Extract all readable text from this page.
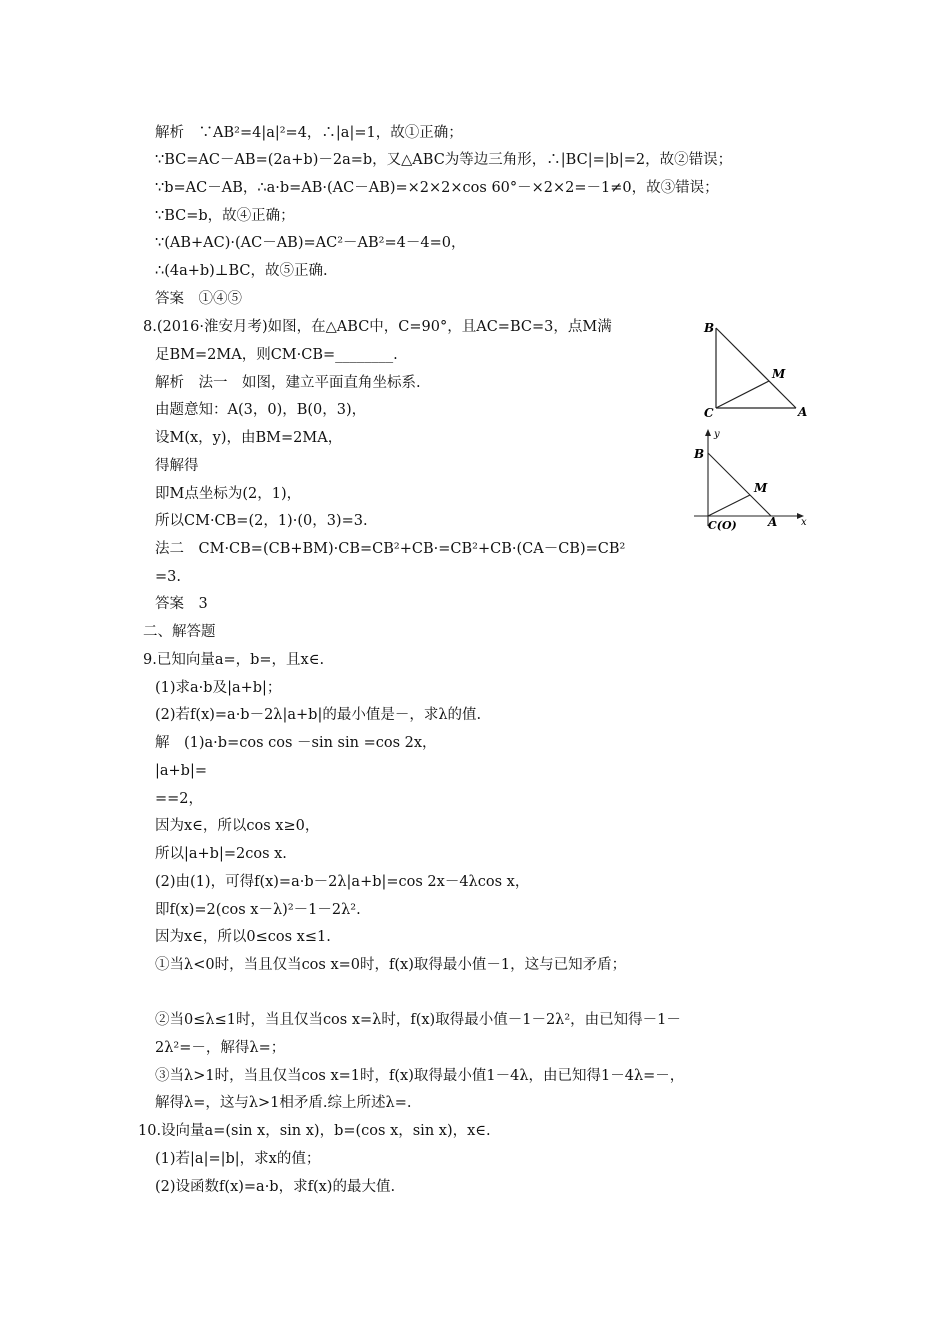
解析　∵AB²=4|a|²=4，∴|a|=1，故①正确；
∵BC=AC－AB=(2a+b)－2a=b，又△ABC为等边三角形，∴|BC|=|b|=2，故②错误；
∵b=AC－AB，∴a·b=AB·(AC－AB)=×2×2×cos 60°－×2×2=－1≠0，故③错误；
∵BC=b，故④正确；
∵(AB+AC)·(AC－AB)=AC²－AB²=4－4=0，
∴(4a+b)⊥BC，故⑤正确.
答案　①④⑤
8.(2016·淮安月考)如图，在△ABC中，C=90°，且AC=BC=3，点M满
足BM=2MA，则CM·CB=________.
解析　法一　如图，建立平面直角坐标系.
由题意知：A(3，0)，B(0，3)，
设M(x，y)，由BM=2MA，
得解得
即M点坐标为(2，1)，
所以CM·CB=(2，1)·(0，3)=3.
法二　CM·CB=(CB+BM)·CB=CB²+CB·=CB²+CB·(CA－CB)=CB²
=3.
答案　3
二、解答题
9.已知向量a=，b=，且x∈.
(1)求a·b及|a+b|；
(2)若f(x)=a·b－2λ|a+b|的最小值是－，求λ的值.
解　(1)a·b=cos cos －sin sin =cos 2x，
|a+b|=
==2，
因为x∈，所以cos x≥0，
所以|a+b|=2cos x.
(2)由(1)，可得f(x)=a·b－2λ|a+b|=cos 2x－4λcos x，
即f(x)=2(cos x－λ)²－1－2λ².
因为x∈，所以0≤cos x≤1.
①当λ<0时，当且仅当cos x=0时，f(x)取得最小值－1，这与已知矛盾；
②当0≤λ≤1时，当且仅当cos x=λ时，f(x)取得最小值－1－2λ²，由已知得－1－
2λ²=－，解得λ=；
③当λ>1时，当且仅当cos x=1时，f(x)取得最小值1－4λ，由已知得1－4λ=－，
解得λ=，这与λ>1相矛盾.综上所述λ=.
10.设向量a=(sin x，sin x)，b=(cos x，sin x)，x∈.
(1)若|a|=|b|，求x的值；
(2)设函数f(x)=a·b，求f(x)的最大值.
B
C	A
M
y
x
B
C(O)	A
M
